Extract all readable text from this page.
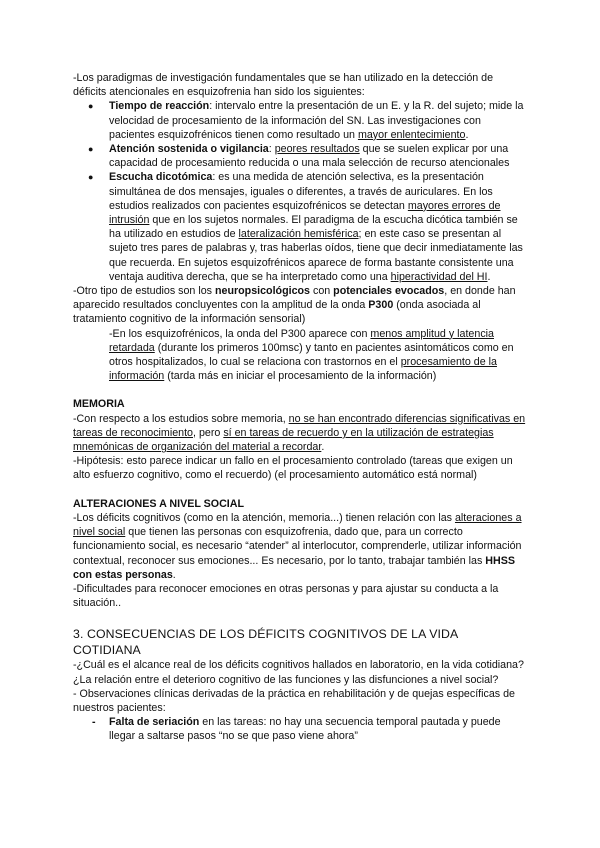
-Los paradigmas de investigación fundamentales que se han utilizado en la detección de déficits atencionales en esquizofrenia han sido los siguientes:

● Tiempo de reacción: intervalo entre la presentación de un E. y la R. del sujeto; mide la velocidad de procesamiento de la información del SN. Las investigaciones con pacientes esquizofrénicos tienen como resultado un mayor enlentecimiento.
● Atención sostenida o vigilancia: peores resultados que se suelen explicar por una capacidad de procesamiento reducida o una mala selección de recurso atencionales
● Escucha dicotómica: es una medida de atención selectiva, es la presentación simultánea de dos mensajes, iguales o diferentes, a través de auriculares. En los estudios realizados con pacientes esquizofrénicos se detectan mayores errores de intrusión que en los sujetos normales. El paradigma de la escucha dicótica también se ha utilizado en estudios de lateralización hemisférica; en este caso se presentan al sujeto tres pares de palabras y, tras haberlas oídos, tiene que decir inmediatamente las que recuerda. En sujetos esquizofrénicos aparece de forma bastante consistente una ventaja auditiva derecha, que se ha interpretado como una hiperactividad del HI.

-Otro tipo de estudios son los neuropsicológicos con potenciales evocados, en donde han aparecido resultados concluyentes con la amplitud de la onda P300 (onda asociada al tratamiento cognitivo de la información sensorial)

-En los esquizofrénicos, la onda del P300 aparece con menos amplitud y latencia retardada (durante los primeros 100msc) y tanto en pacientes asintomáticos como en otros hospitalizados, lo cual se relaciona con trastornos en el procesamiento de la información (tarda más en iniciar el procesamiento de la información)

MEMORIA

-Con respecto a los estudios sobre memoria, no se han encontrado diferencias significativas en tareas de reconocimiento, pero sí en tareas de recuerdo y en la utilización de estrategias mnemónicas de organización del material a recordar.

-Hipótesis: esto parece indicar un fallo en el procesamiento controlado (tareas que exigen un alto esfuerzo cognitivo, como el recuerdo) (el procesamiento automático está normal)

ALTERACIONES A NIVEL SOCIAL

-Los déficits cognitivos (como en la atención, memoria...) tienen relación con las alteraciones a nivel social que tienen las personas con esquizofrenia, dado que, para un correcto funcionamiento social, es necesario “atender” al interlocutor, comprenderle, utilizar información contextual, reconocer sus emociones... Es necesario, por lo tanto, trabajar también las HHSS con estas personas.

-Dificultades para reconocer emociones en otras personas y para ajustar su conducta a la situación..

3. CONSECUENCIAS DE LOS DÉFICITS COGNITIVOS DE LA VIDA COTIDIANA

-¿Cuál es el alcance real de los déficits cognitivos hallados en laboratorio, en la vida cotidiana? ¿La relación entre el deterioro cognitivo de las funciones y las disfunciones a nivel social?

- Observaciones clínicas derivadas de la práctica en rehabilitación y de quejas específicas de nuestros pacientes:

- Falta de seriación en las tareas: no hay una secuencia temporal pautada y puede llegar a saltarse pasos “no se que paso viene ahora”
